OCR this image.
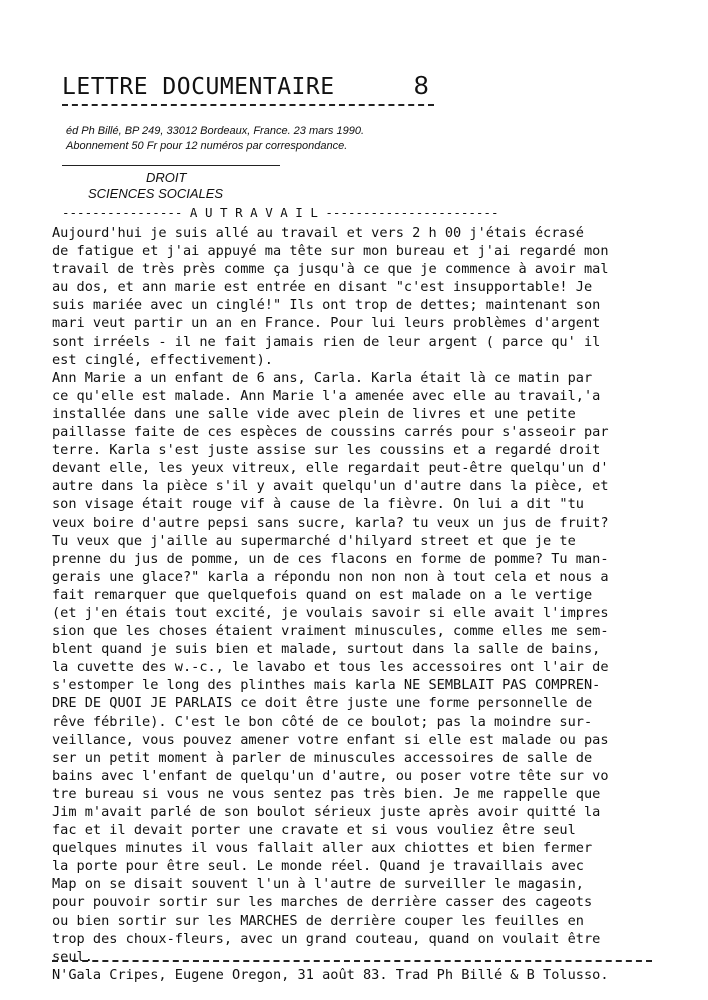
LETTRE DOCUMENTAIRE	8
éd Ph Billé, BP 249, 33012 Bordeaux, France. 23 mars 1990.
Abonnement 50 Fr pour 12 numéros par correspondance.
DROIT
SCIENCES SOCIALES
---------------- A U T R A V A I L -----------------------
Aujourd'hui je suis allé au travail et vers 2 h 00 j'étais écrasé
de fatigue et j'ai appuyé ma tête sur mon bureau et j'ai regardé mon
travail de très près comme ça jusqu'à ce que je commence à avoir mal
au dos, et ann marie est entrée en disant "c'est insupportable! Je
suis mariée avec un cinglé!" Ils ont trop de dettes; maintenant son
mari veut partir un an en France. Pour lui leurs problèmes d'argent
sont irréels - il ne fait jamais rien de leur argent ( parce qu' il
est cinglé, effectivement).
Ann Marie a un enfant de 6 ans, Carla. Karla était là ce matin par
ce qu'elle est malade. Ann Marie l'a amenée avec elle au travail,'a
installée dans une salle vide avec plein de livres et une petite
paillasse faite de ces espèces de coussins carrés pour s'asseoir par
terre. Karla s'est juste assise sur les coussins et a regardé droit
devant elle, les yeux vitreux, elle regardait peut-être quelqu'un d'
autre dans la pièce s'il y avait quelqu'un d'autre dans la pièce, et
son visage était rouge vif à cause de la fièvre. On lui a dit "tu
veux boire d'autre pepsi sans sucre, karla? tu veux un jus de fruit?
Tu veux que j'aille au supermarché d'hilyard street et que je te
prenne du jus de pomme, un de ces flacons en forme de pomme? Tu man-
gerais une glace?" karla a répondu non non non à tout cela et nous a
fait remarquer que quelquefois quand on est malade on a le vertige
(et j'en étais tout excité, je voulais savoir si elle avait l'impres
sion que les choses étaient vraiment minuscules, comme elles me sem-
blent quand je suis bien et malade, surtout dans la salle de bains,
la cuvette des w.-c., le lavabo et tous les accessoires ont l'air de
s'estomper le long des plinthes mais karla NE SEMBLAIT PAS COMPREN-
DRE DE QUOI JE PARLAIS ce doit être juste une forme personnelle de
rêve fébrile). C'est le bon côté de ce boulot; pas la moindre sur-
veillance, vous pouvez amener votre enfant si elle est malade ou pas
ser un petit moment à parler de minuscules accessoires de salle de
bains avec l'enfant de quelqu'un d'autre, ou poser votre tête sur vo
tre bureau si vous ne vous sentez pas très bien. Je me rappelle que
Jim m'avait parlé de son boulot sérieux juste après avoir quitté la
fac et il devait porter une cravate et si vous vouliez être seul
quelques minutes il vous fallait aller aux chiottes et bien fermer
la porte pour être seul. Le monde réel. Quand je travaillais avec
Map on se disait souvent l'un à l'autre de surveiller le magasin,
pour pouvoir sortir sur les marches de derrière casser des cageots
ou bien sortir sur les MARCHES de derrière couper les feuilles en
trop des choux-fleurs, avec un grand couteau, quand on voulait être
seul.
N'Gala Cripes, Eugene Oregon, 31 août 83. Trad Ph Billé & B Tolusso.
